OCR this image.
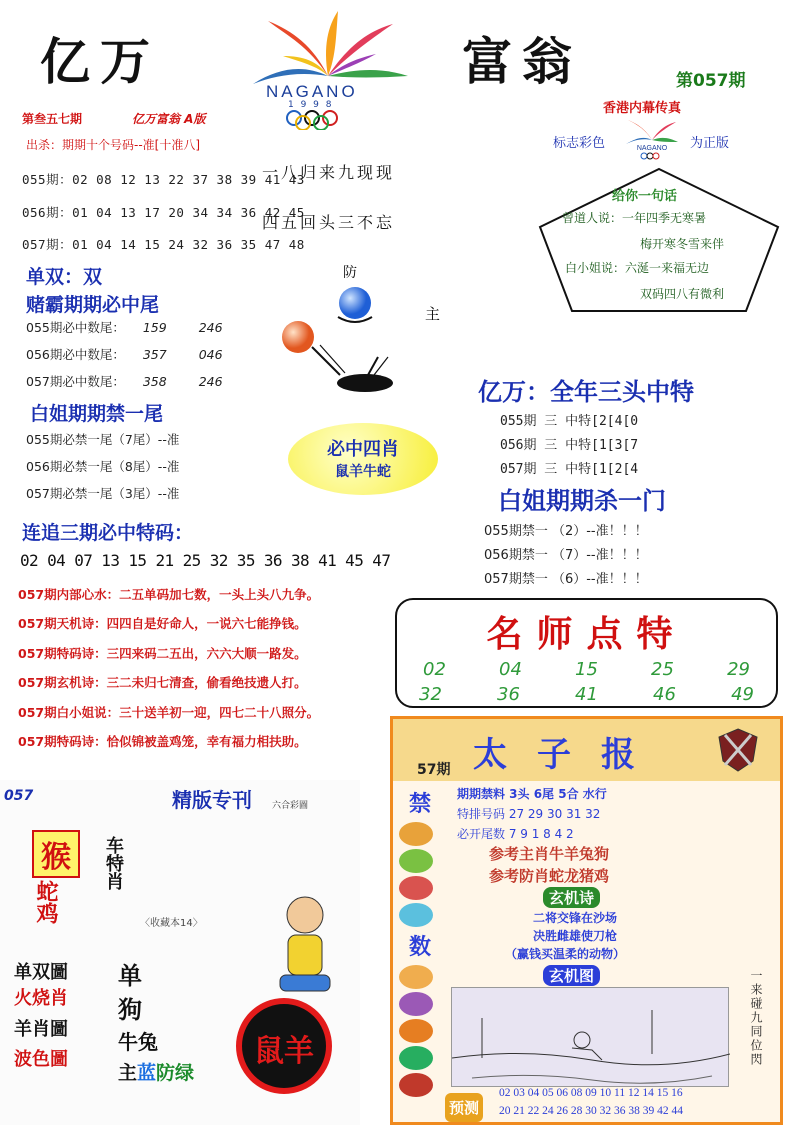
亿万
NAGANO
1 9 9 8
富翁	第057期
第叁五七期	亿万富翁 A版
出杀：期期十个号码--准[十准八]
055期：02 08 12 13 22 37 38 39 41 43
056期：01 04 13 17 20 34 34 36 42 45
057期：01 04 14 15 24 32 36 35 47 48
单双：双
赌霸期期必中尾
055期必中数尾： 159	246
056期必中数尾： 357	046
057期必中数尾： 358	246
白姐期期禁一尾
055期必禁一尾（7尾）--准
056期必禁一尾（8尾）--准
057期必禁一尾（3尾）--准
连追三期必中特码：
02 04 07 13 15 21 25 32 35 36 38 41 45 47
057期内部心水：二五单码加七数，一头上头八九争。
057期天机诗：四四自是好命人，一说六七能挣钱。
057期特码诗：三四来码二五出，六六大顺一路发。
057期玄机诗：三二未归七清查，偷看绝技遗人打。
057期白小姐说：三十送羊初一迎，四七二十八照分。
057期特码诗：恰似锦被盖鸡笼，幸有福力相扶助。
一八归来九现现
四五回头三不忘
防
主
必中四肖
鼠羊牛蛇
香港内幕传真
标志彩色	NAGANO 为正版
给你一句话
曾道人说：一年四季无寒暑
梅开寒冬雪来伴
白小姐说：六涎一来福无边
双码四八有微利
亿万：全年三头中特
055期 三 中特[2[4[0
056期 三 中特[1[3[7
057期 三 中特[1[2[4
白姐期期杀一门
055期禁一 （2）--准！！！
056期禁一 （7）--准！！！
057期禁一 （6）--准！！！
名师点特
02	04	15	25	29
32	36	41	46	49
057	精版专刊 六合彩圖
猴
蛇鸡
车特肖
〈收藏本14〉
单双圖
火烧肖
羊肖圖
波色圖
单
狗
牛兔
主蓝防绿
鼠羊
57期 太子报
禁
数
期期禁料 3头 6尾 5合 水行
特排号码 27 29 30 31 32
必开尾数 7 9 1 8 4 2
参考主肖牛羊兔狗
参考防肖蛇龙猪鸡
玄机诗
二将交锋在沙场
决胜雌雄使刀枪
（赢钱买温柔的动物）
玄机图	一来碰九同位閃
预测
02 03 04 05 06 08 09 10 11 12 14 15 16
20 21 22 24 26 28 30 32 36 38 39 42 44
